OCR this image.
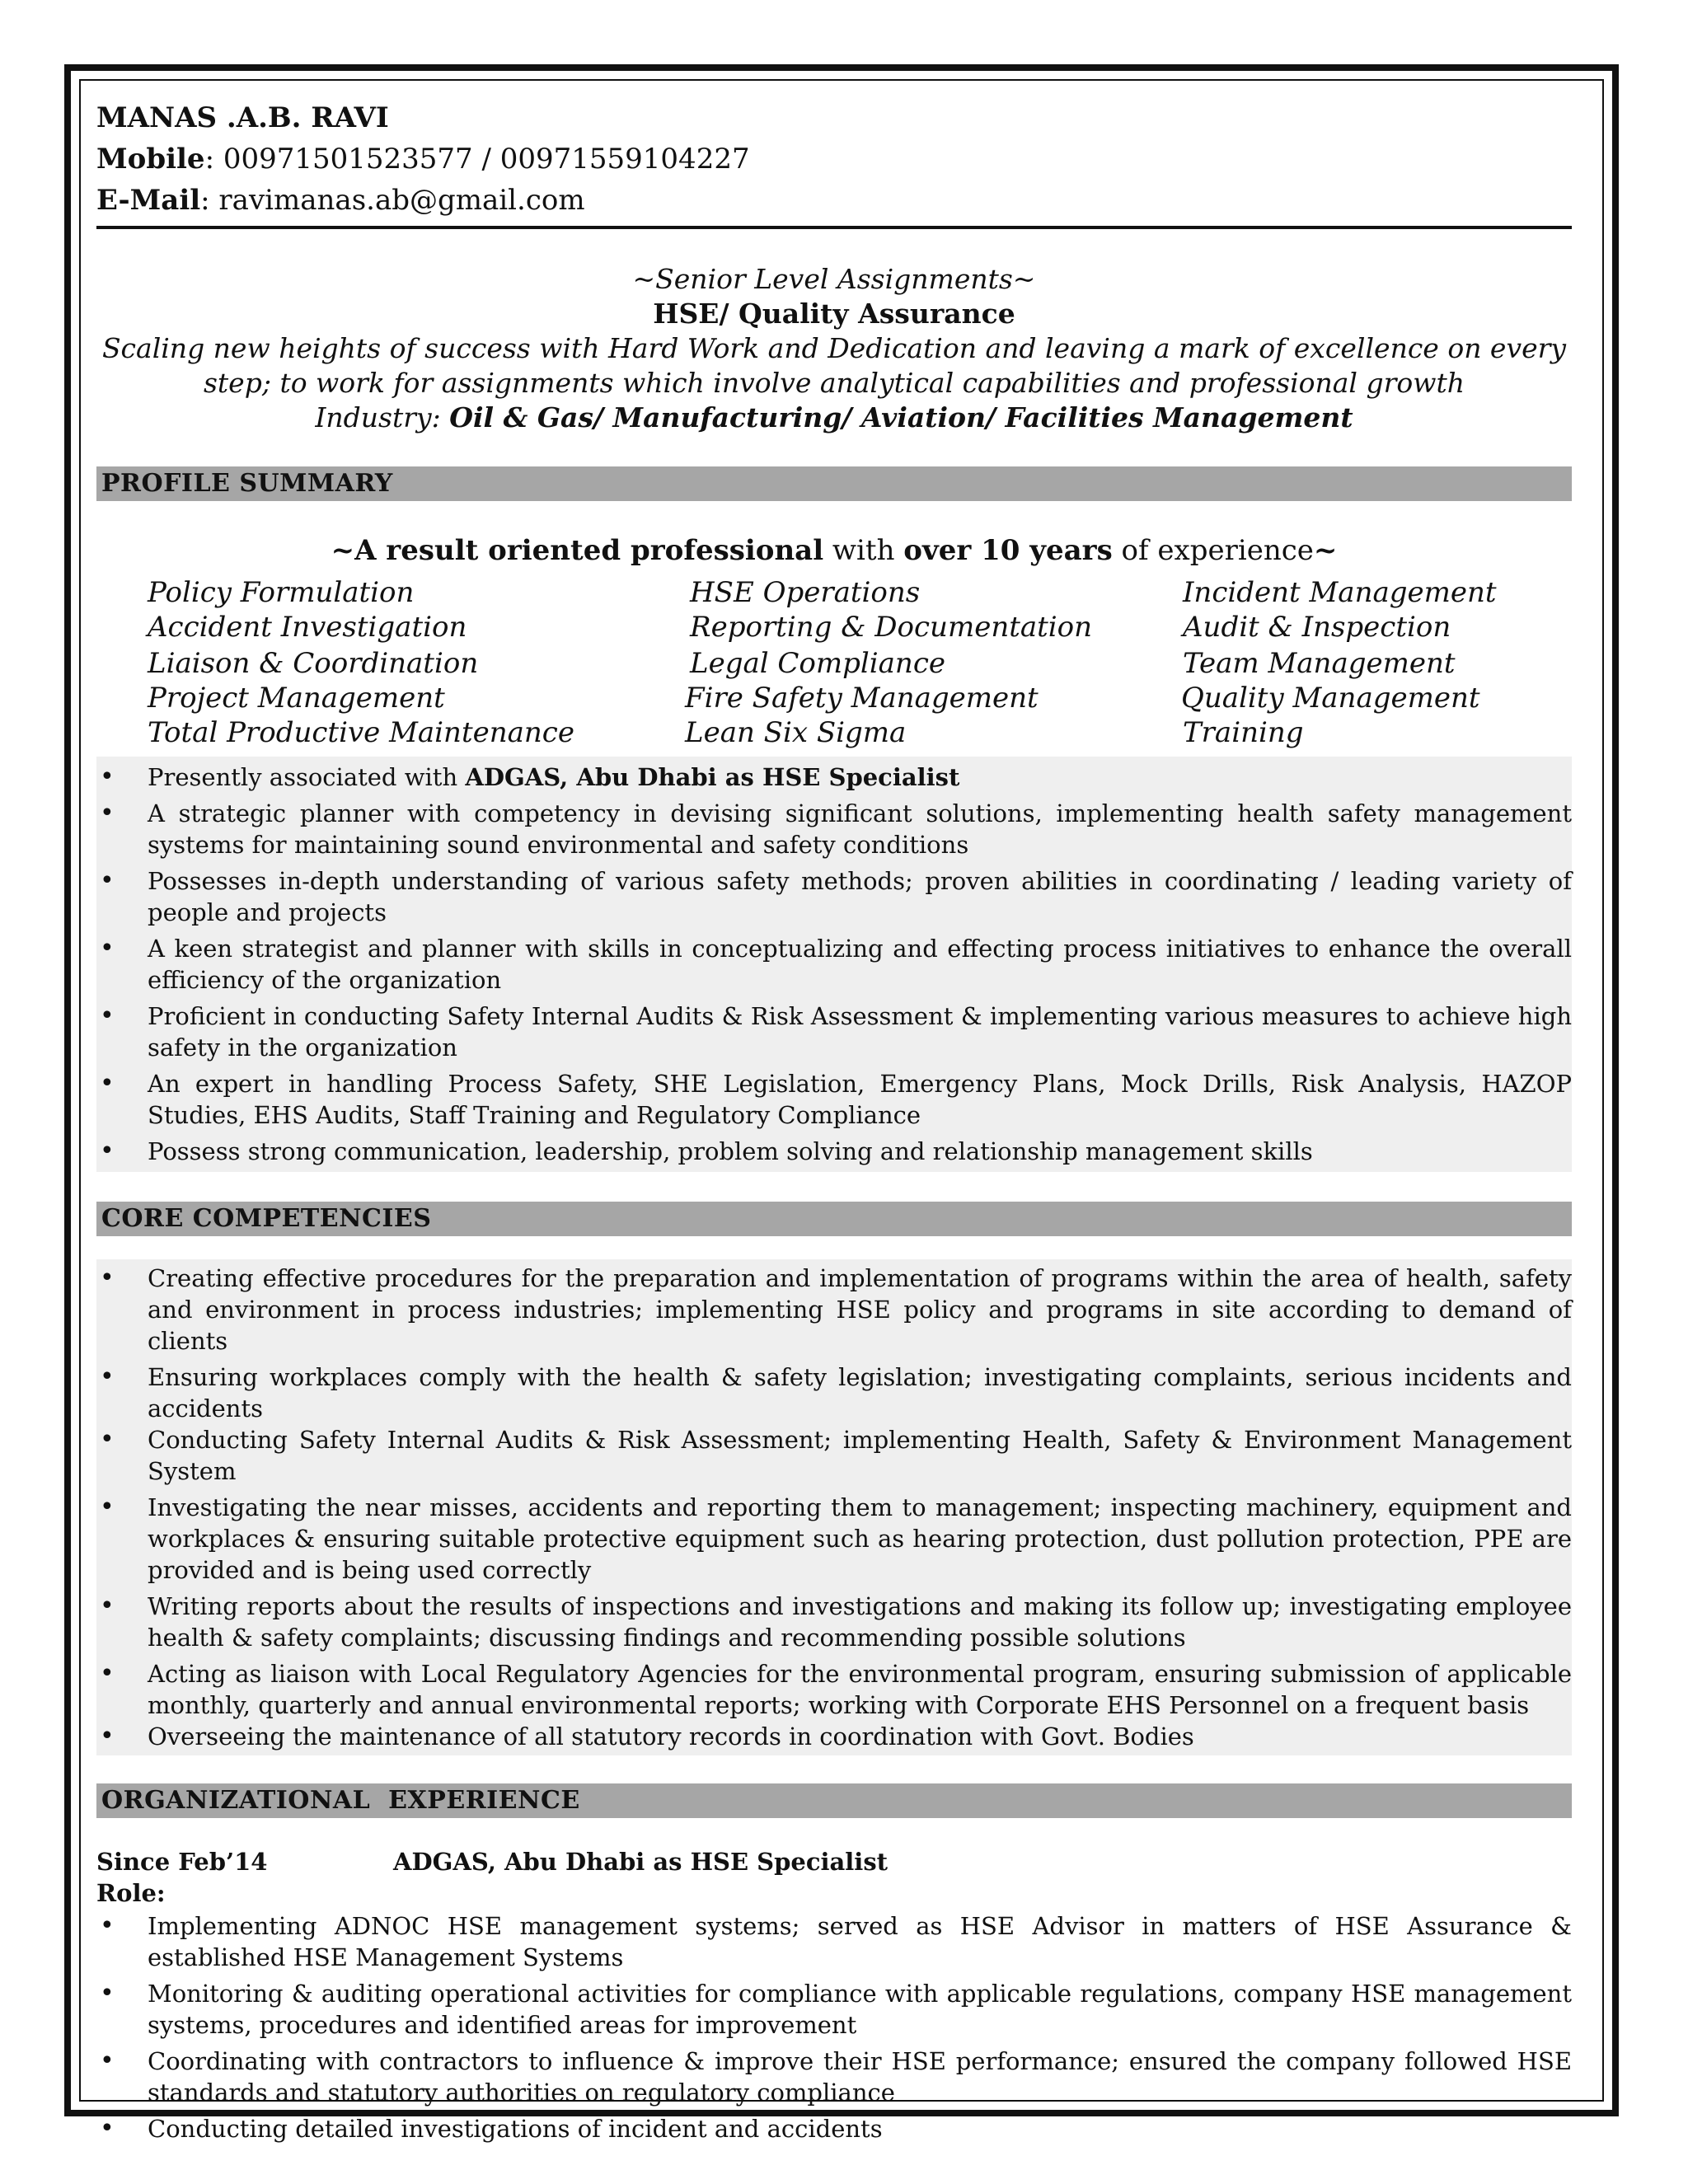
MANAS .A.B. RAVI
Mobile: 00971501523577 / 00971559104227
E-Mail: ravimanas.ab@gmail.com
~Senior Level Assignments~
HSE/ Quality Assurance
Scaling new heights of success with Hard Work and Dedication and leaving a mark of excellence on every step; to work for assignments which involve analytical capabilities and professional growth
Industry: Oil & Gas/ Manufacturing/ Aviation/ Facilities Management
PROFILE SUMMARY
~A result oriented professional with over 10 years of experience~
Policy Formulation
Accident Investigation
Liaison & Coordination
Project Management
Total Productive Maintenance
HSE Operations
Reporting & Documentation
Legal Compliance
Fire Safety Management
Lean Six Sigma
Incident Management
Audit & Inspection
Team Management
Quality Management
Training
• Presently associated with ADGAS, Abu Dhabi as HSE Specialist
• A strategic planner with competency in devising significant solutions, implementing health safety management systems for maintaining sound environmental and safety conditions
• Possesses in-depth understanding of various safety methods; proven abilities in coordinating / leading variety of people and projects
• A keen strategist and planner with skills in conceptualizing and effecting process initiatives to enhance the overall efficiency of the organization
• Proficient in conducting Safety Internal Audits & Risk Assessment & implementing various measures to achieve high safety in the organization
• An expert in handling Process Safety, SHE Legislation, Emergency Plans, Mock Drills, Risk Analysis, HAZOP Studies, EHS Audits, Staff Training and Regulatory Compliance
• Possess strong communication, leadership, problem solving and relationship management skills
CORE COMPETENCIES
• Creating effective procedures for the preparation and implementation of programs within the area of health, safety and environment in process industries; implementing HSE policy and programs in site according to demand of clients
• Ensuring workplaces comply with the health & safety legislation; investigating complaints, serious incidents and accidents
• Conducting Safety Internal Audits & Risk Assessment; implementing Health, Safety & Environment Management System
• Investigating the near misses, accidents and reporting them to management; inspecting machinery, equipment and workplaces & ensuring suitable protective equipment such as hearing protection, dust pollution protection, PPE are provided and is being used correctly
• Writing reports about the results of inspections and investigations and making its follow up; investigating employee health & safety complaints; discussing findings and recommending possible solutions
• Acting as liaison with Local Regulatory Agencies for the environmental program, ensuring submission of applicable monthly, quarterly and annual environmental reports; working with Corporate EHS Personnel on a frequent basis
• Overseeing the maintenance of all statutory records in coordination with Govt. Bodies
ORGANIZATIONAL  EXPERIENCE
Since Feb’14	ADGAS, Abu Dhabi as HSE Specialist
Role:
• Implementing ADNOC HSE management systems; served as HSE Advisor in matters of HSE Assurance & established HSE Management Systems
• Monitoring & auditing operational activities for compliance with applicable regulations, company HSE management systems, procedures and identified areas for improvement
• Coordinating with contractors to influence & improve their HSE performance; ensured the company followed HSE standards and statutory authorities on regulatory compliance
• Conducting detailed investigations of incident and accidents
